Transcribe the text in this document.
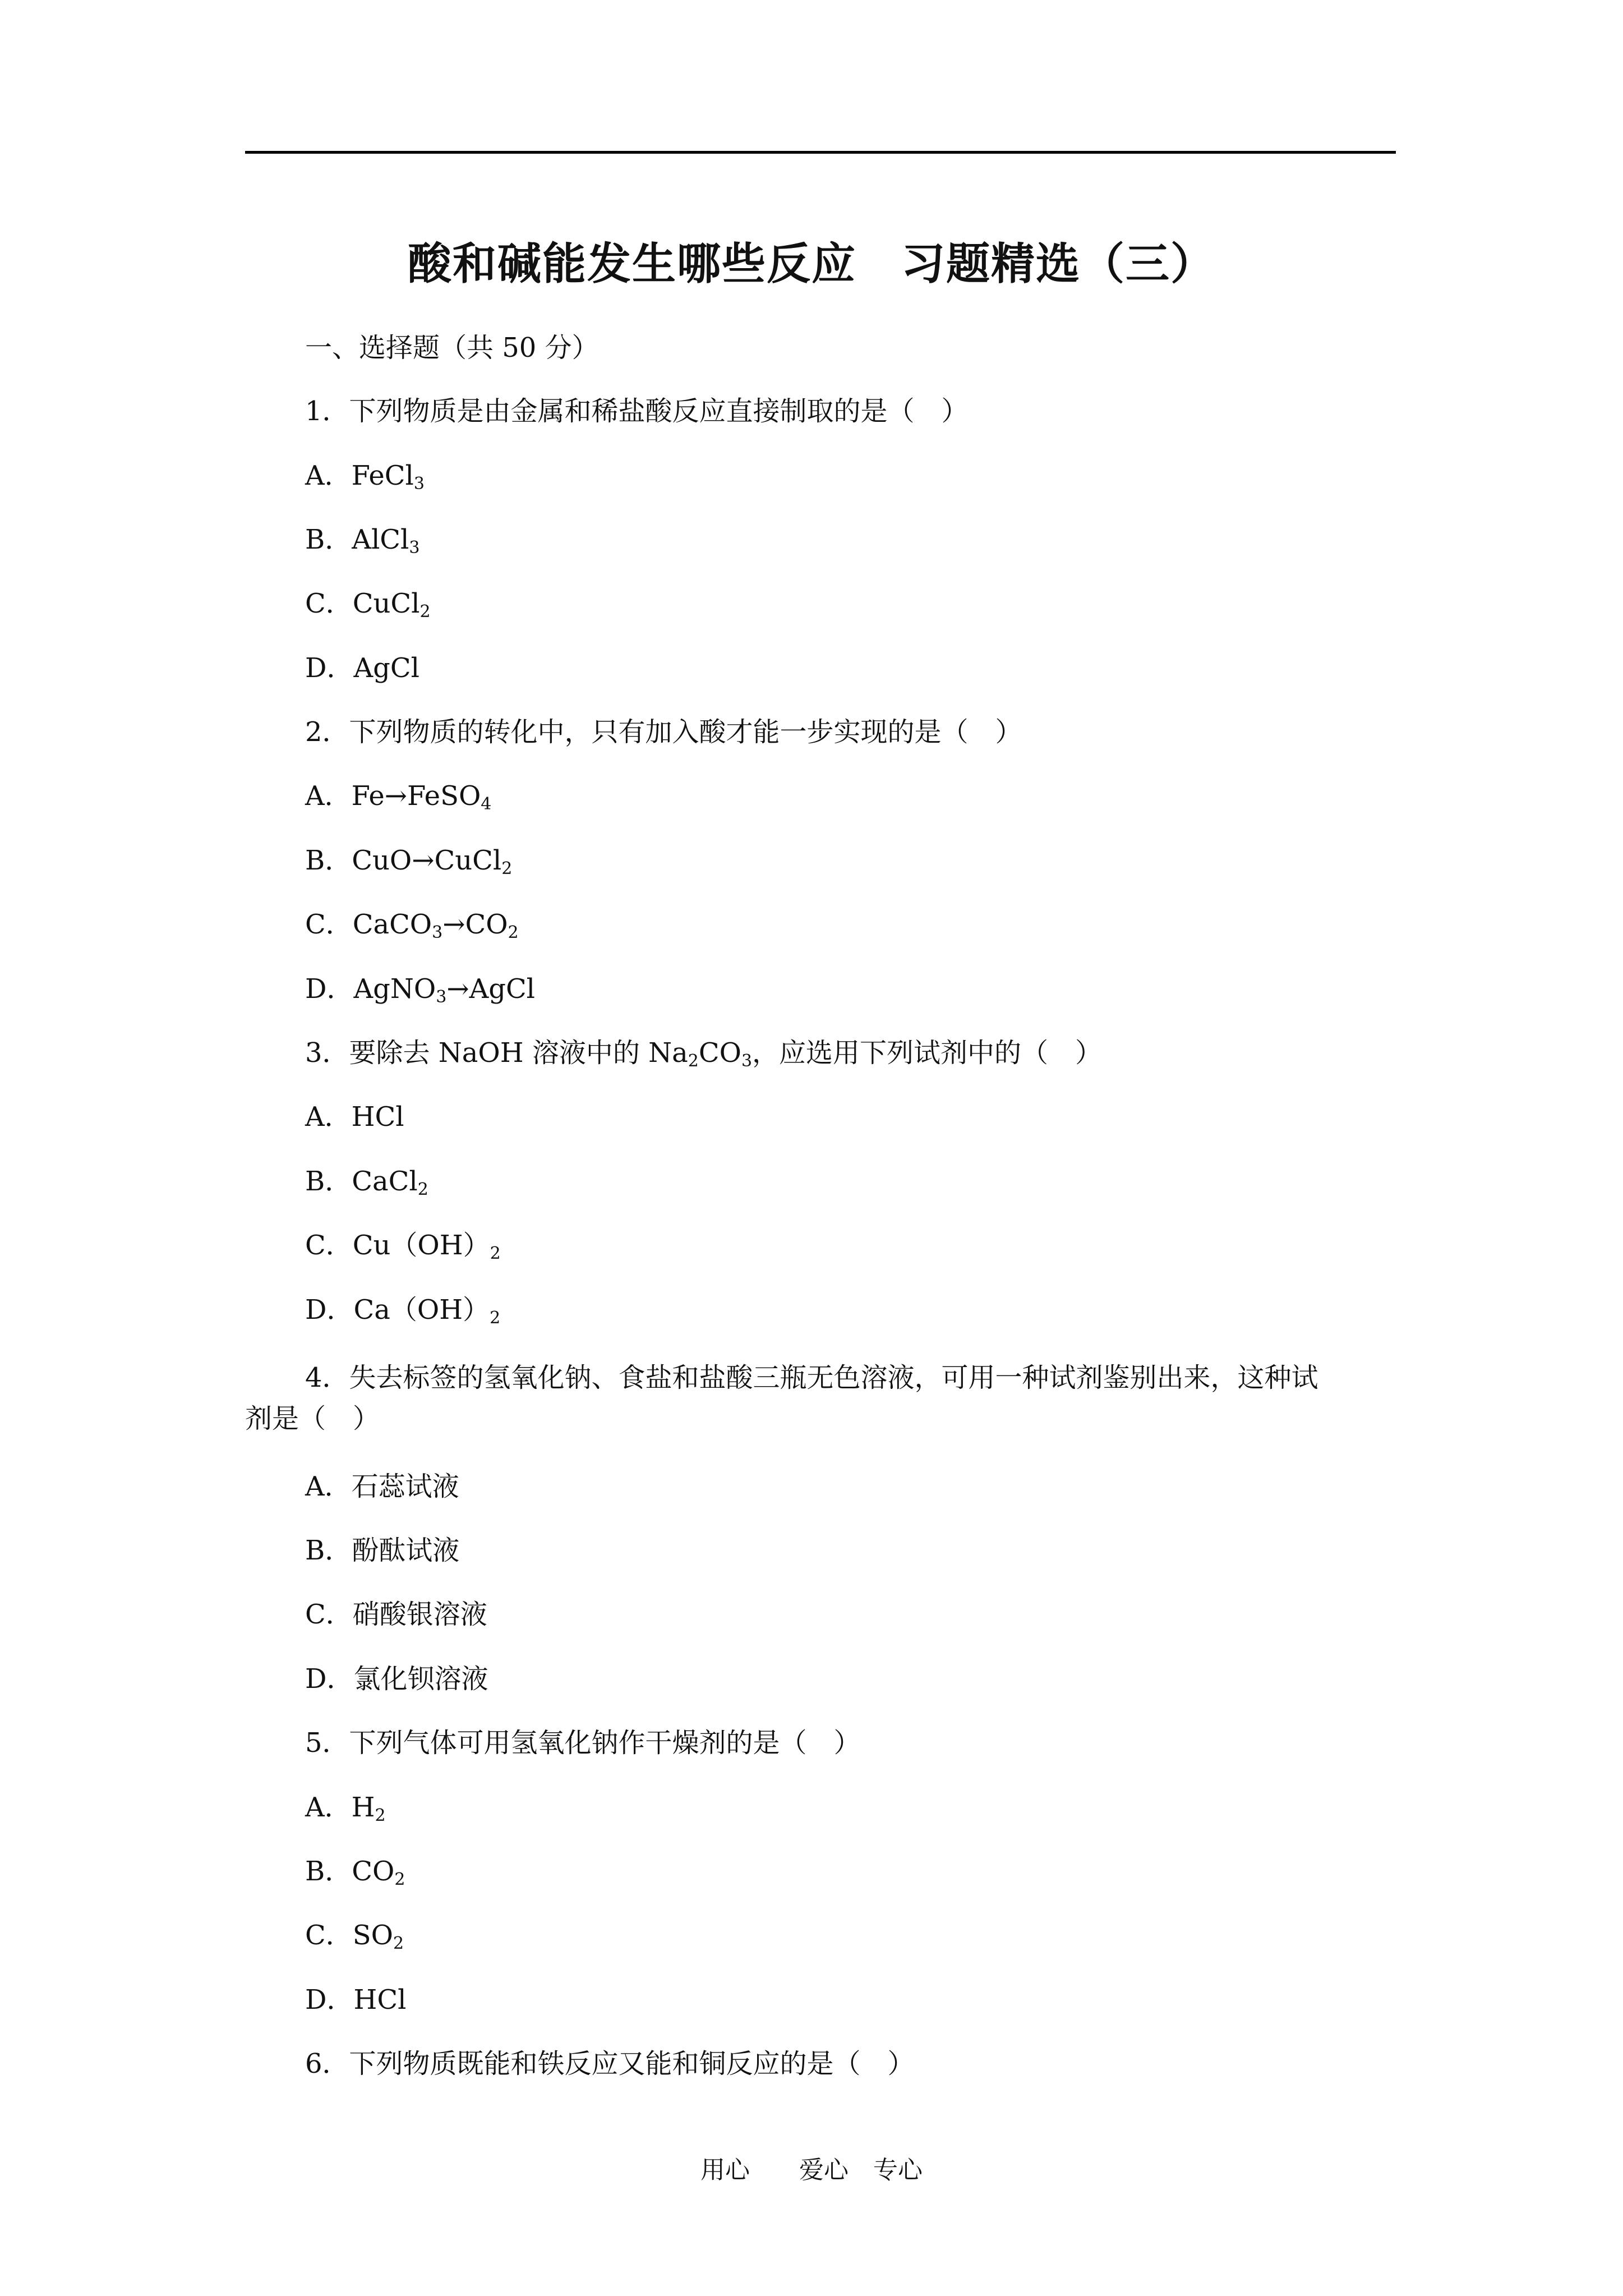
酸和碱能发生哪些反应　习题精选（三）
一、选择题（共 50 分）
1．下列物质是由金属和稀盐酸反应直接制取的是（　）
A．FeCl$_3$
B．AlCl$_3$
C．CuCl$_2$
D．AgCl
2．下列物质的转化中，只有加入酸才能一步实现的是（　）
A．Fe→FeSO$_4$
B．CuO→CuCl$_2$
C．$CaCO_3\to CO_2$
D．AgNO$_3$→AgCl
3．要除去 NaOH 溶液中的 $Na_2CO_3$，应选用下列试剂中的（　）
A．HCl
B．CaCl$_2$
C．$Cu(OH)_2$
D．$Ca(OH)_2$
4．失去标签的氢氧化钠、食盐和盐酸三瓶无色溶液，可用一种试剂鉴别出来，这种试
剂是（　）
A．石蕊试液
B．酚酞试液
C．硝酸银溶液
D．氯化钡溶液
5．下列气体可用氢氧化钠作干燥剂的是（　）
A．$H_2$
B．$CO_2$
C．$SO_2$
D．HCl
6．下列物质既能和铁反应又能和铜反应的是（　）
用心　　爱心　专心
